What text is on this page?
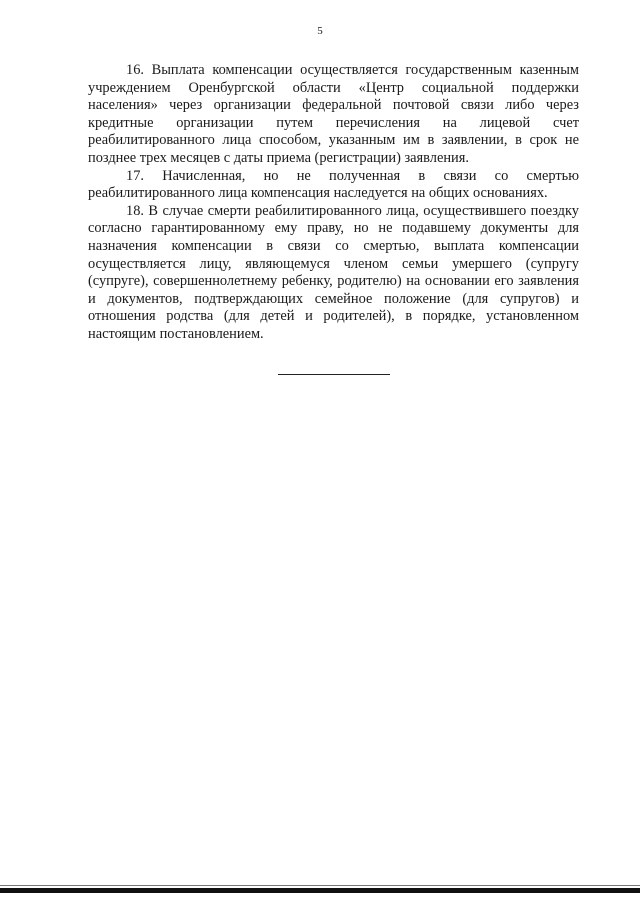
5

16. Выплата компенсации осуществляется государственным казенным учреждением Оренбургской области «Центр социальной поддержки населения» через организации федеральной почтовой связи либо через кредитные организации путем перечисления на лицевой счет реабилитированного лица способом, указанным им в заявлении, в срок не позднее трех месяцев с даты приема (регистрации) заявления.

17. Начисленная, но не полученная в связи со смертью реабилитированного лица компенсация наследуется на общих основаниях.

18. В случае смерти реабилитированного лица, осуществившего поездку согласно гарантированному ему праву, но не подавшему документы для назначения компенсации в связи со смертью, выплата компенсации осуществляется лицу, являющемуся членом семьи умершего (супругу (супруге), совершеннолетнему ребенку, родителю) на основании его заявления и документов, подтверждающих семейное положение (для супругов) и отношения родства (для детей и родителей), в порядке, установленном настоящим постановлением.
